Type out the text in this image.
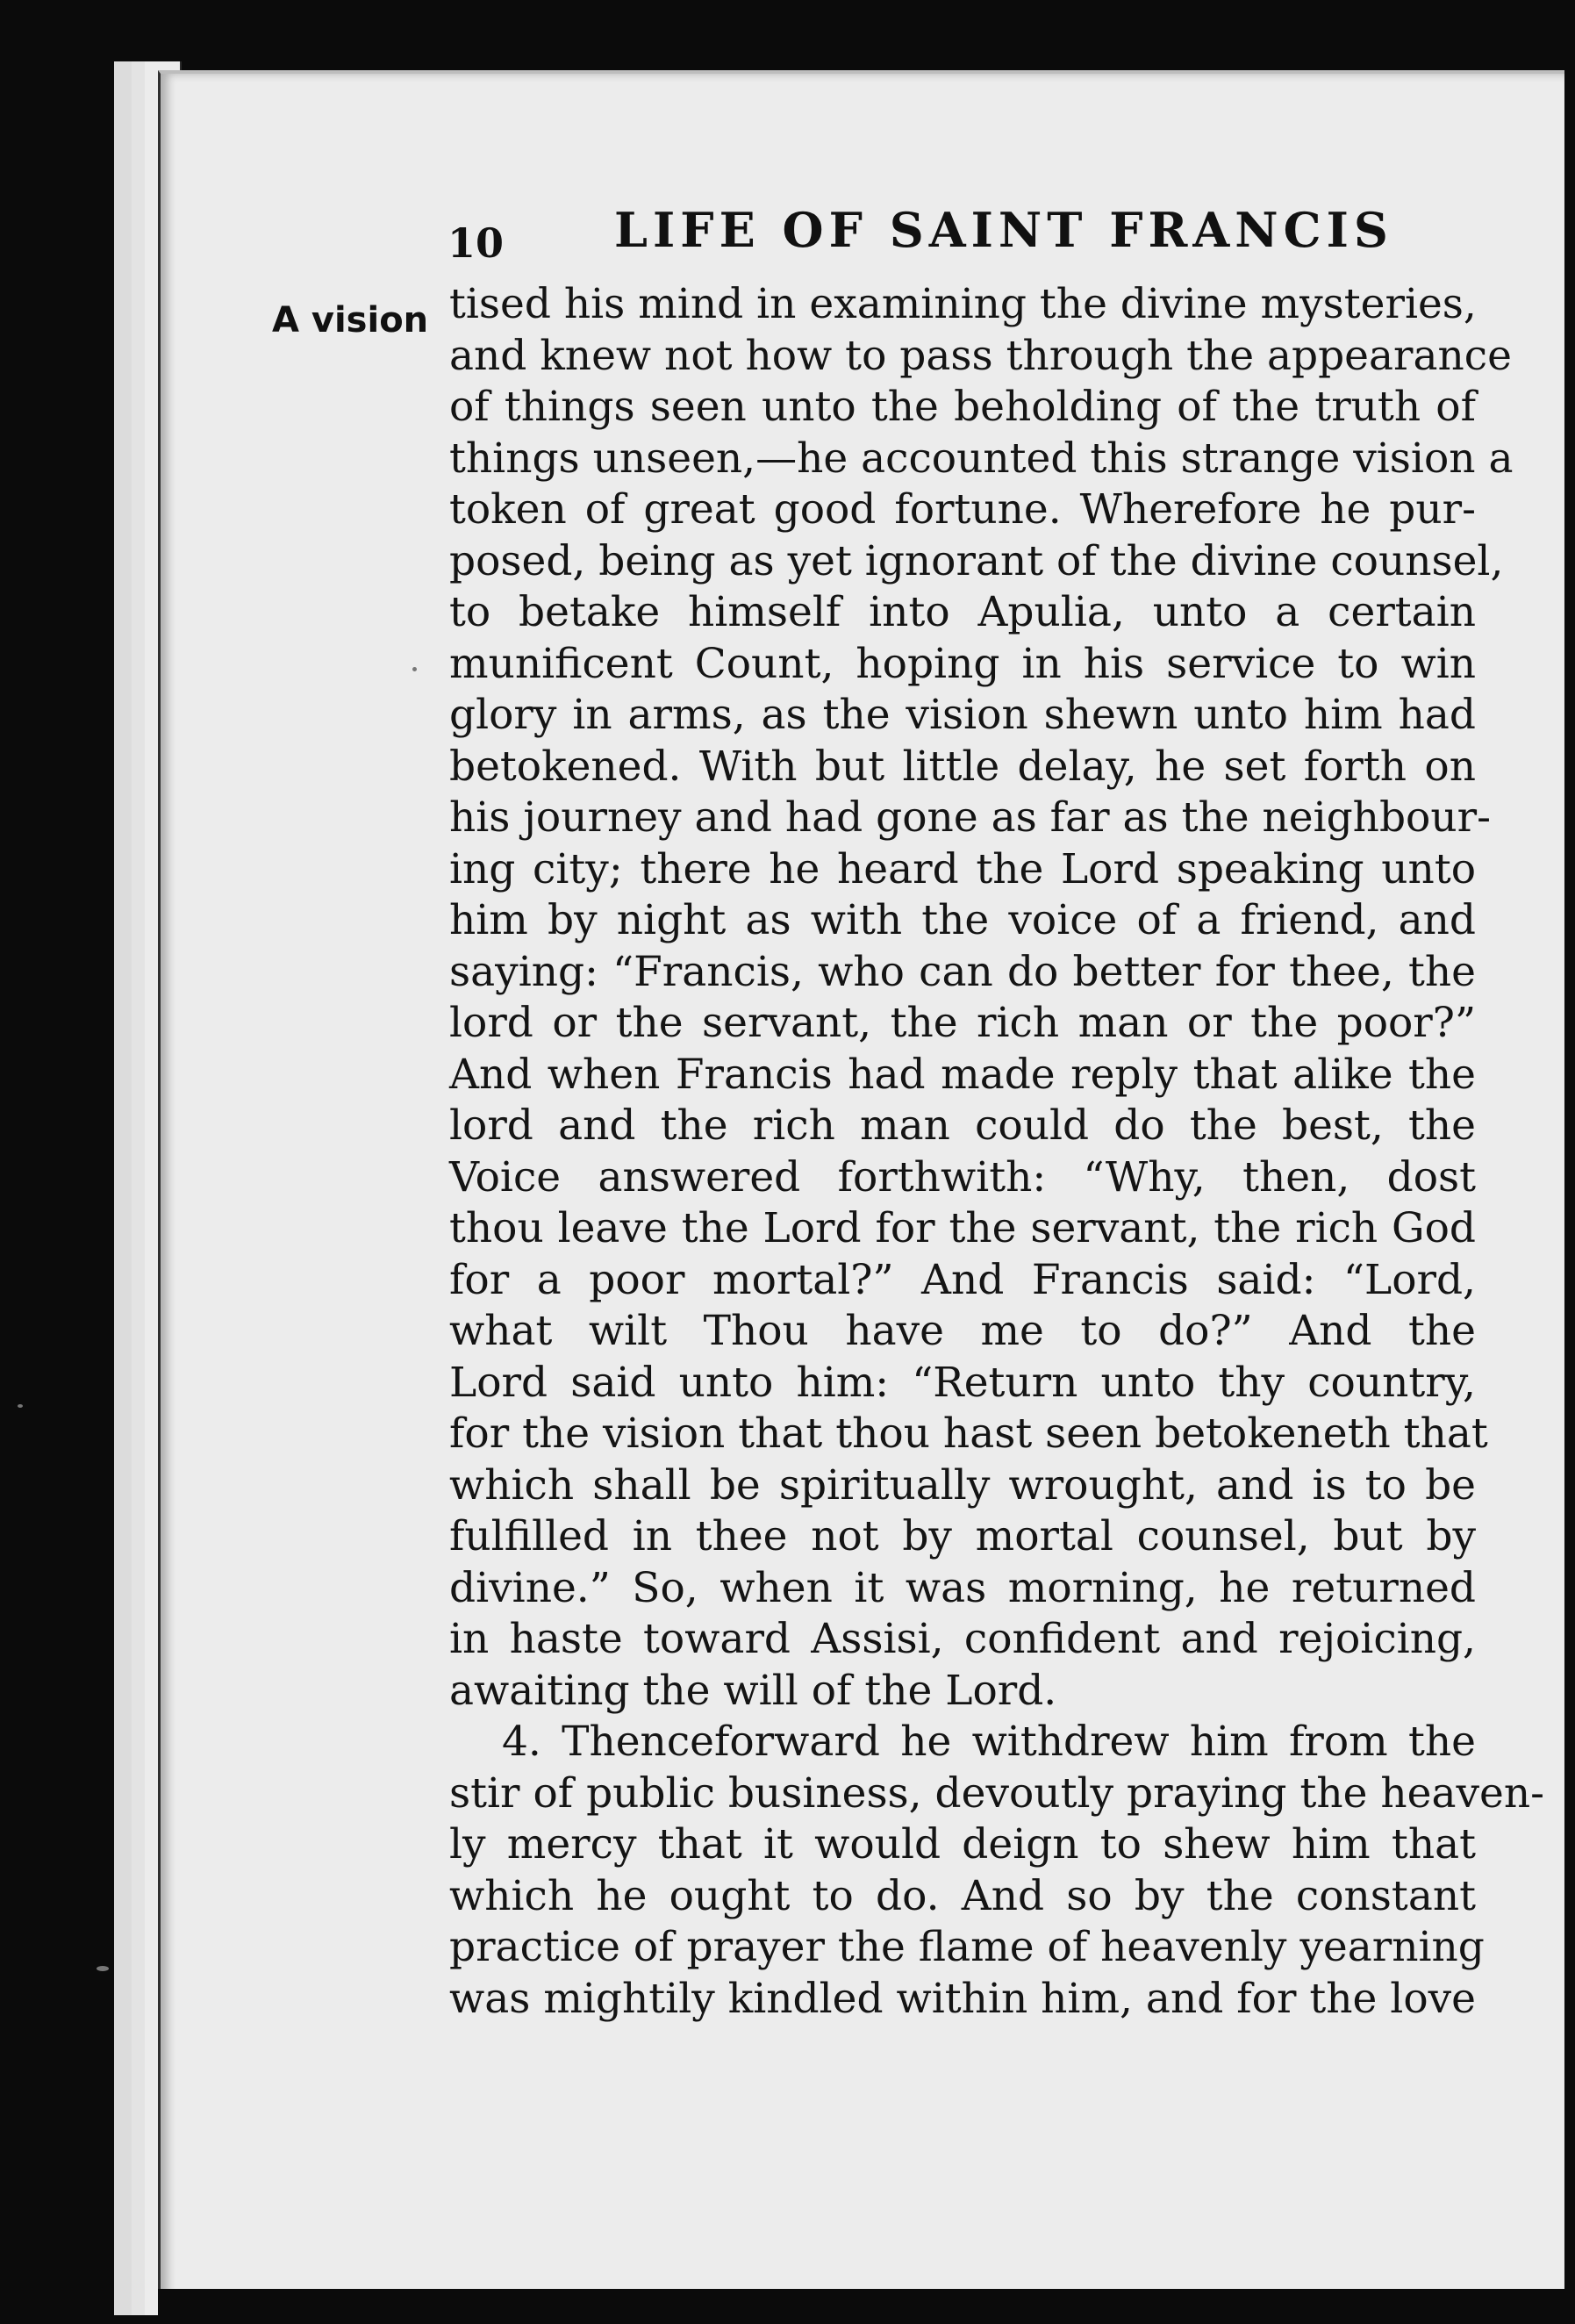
10 LIFE OF SAINT FRANCIS
A vision tised his mind in examining the divine mysteries,
and knew not how to pass through the appearance
of things seen unto the beholding of the truth of
things unseen,—he accounted this strange vision a
token of great good fortune. Wherefore he pur-
posed, being as yet ignorant of the divine counsel,
to betake himself into Apulia, unto a certain
munificent Count, hoping in his service to win
glory in arms, as the vision shewn unto him had
betokened. With but little delay, he set forth on
his journey and had gone as far as the neighbour-
ing city; there he heard the Lord speaking unto
him by night as with the voice of a friend, and
saying: “Francis, who can do better for thee, the
lord or the servant, the rich man or the poor?”
And when Francis had made reply that alike the
lord and the rich man could do the best, the
Voice answered forthwith: “Why, then, dost
thou leave the Lord for the servant, the rich God
for a poor mortal?” And Francis said: “Lord,
what wilt Thou have me to do?” And the
Lord said unto him: “Return unto thy country,
for the vision that thou hast seen betokeneth that
which shall be spiritually wrought, and is to be
fulfilled in thee not by mortal counsel, but by
divine.” So, when it was morning, he returned
in haste toward Assisi, confident and rejoicing,
awaiting the will of the Lord.
4. Thenceforward he withdrew him from the
stir of public business, devoutly praying the heaven-
ly mercy that it would deign to shew him that
which he ought to do. And so by the constant
practice of prayer the flame of heavenly yearning
was mightily kindled within him, and for the love
